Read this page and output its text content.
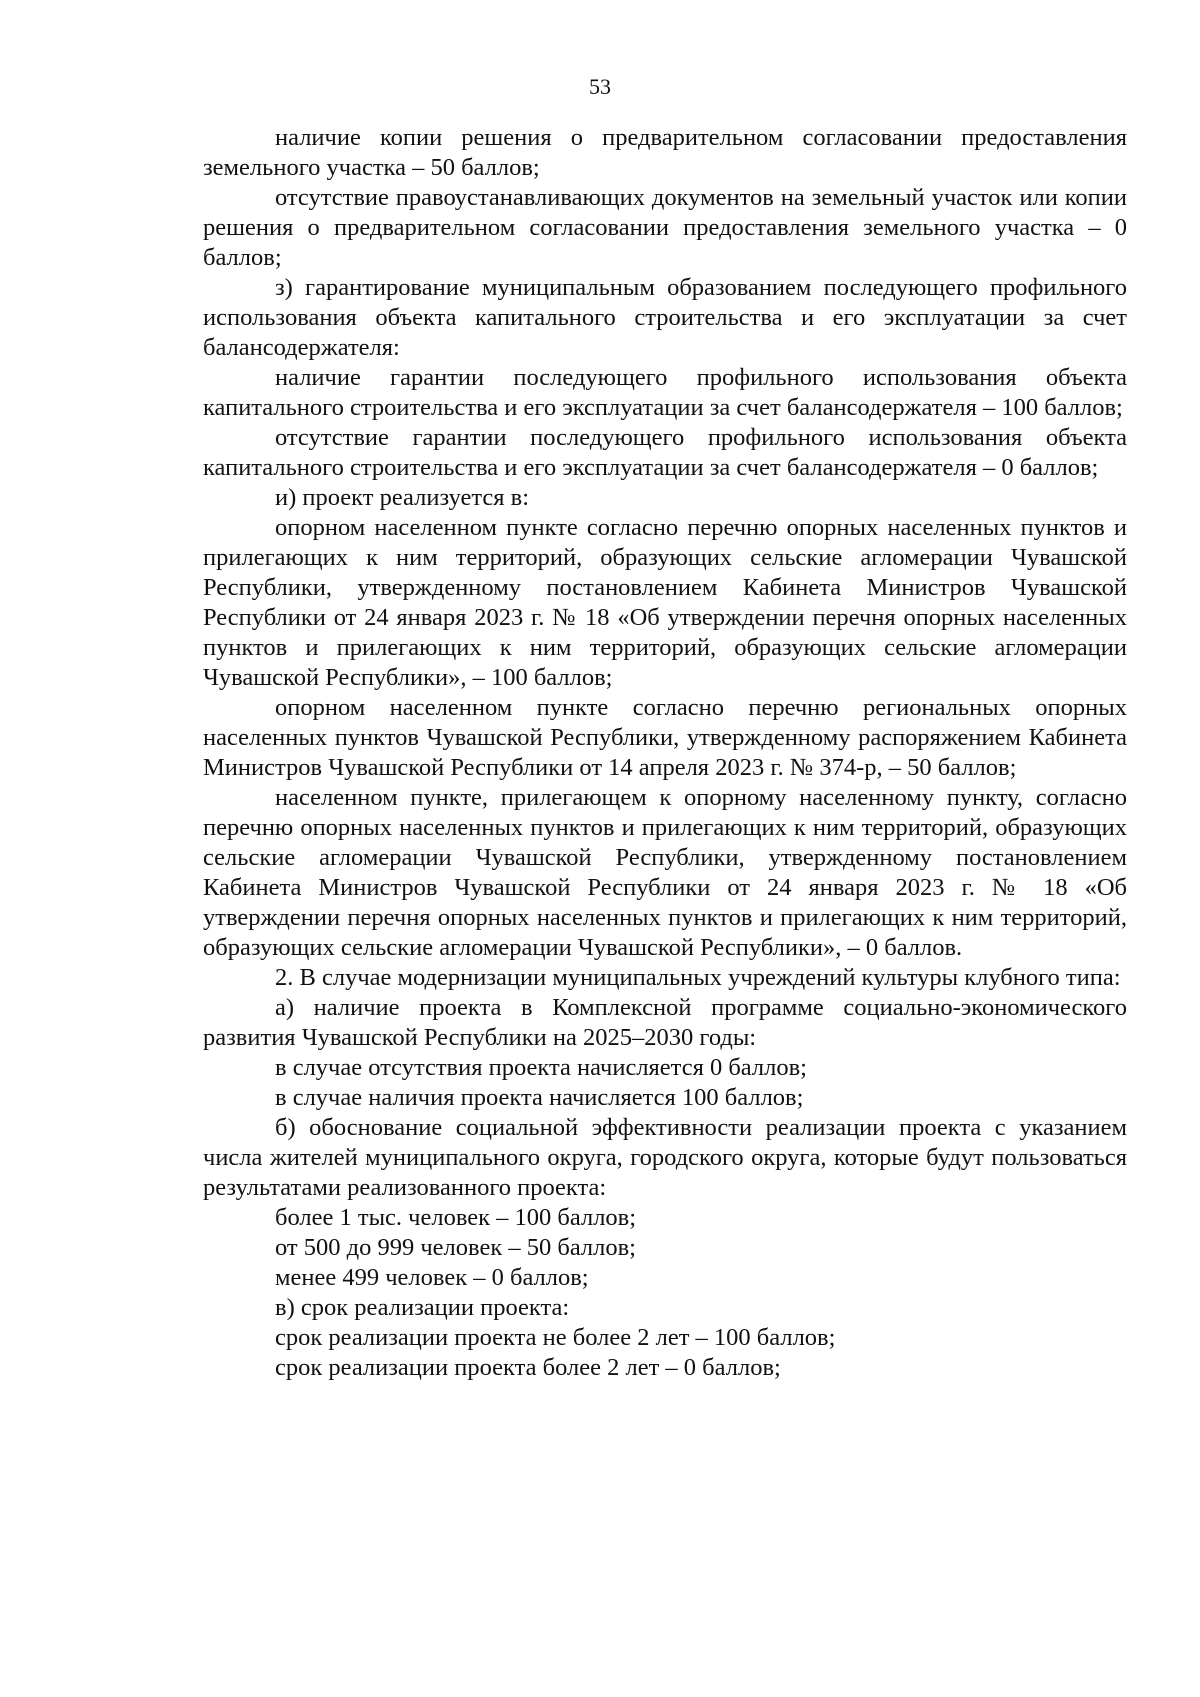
53

наличие копии решения о предварительном согласовании предоставления земельного участка – 50 баллов;

отсутствие правоустанавливающих документов на земельный участок или копии решения о предварительном согласовании предоставления земельного участка – 0 баллов;

з) гарантирование муниципальным образованием последующего профильного использования объекта капитального строительства и его эксплуатации за счет балансодержателя:

наличие гарантии последующего профильного использования объекта капитального строительства и его эксплуатации за счет балансодержателя – 100 баллов;

отсутствие гарантии последующего профильного использования объекта капитального строительства и его эксплуатации за счет балансодержателя – 0 баллов;

и) проект реализуется в:

опорном населенном пункте согласно перечню опорных населенных пунктов и прилегающих к ним территорий, образующих сельские агломерации Чувашской Республики, утвержденному постановлением Кабинета Министров Чувашской Республики от 24 января 2023 г. № 18 «Об утверждении перечня опорных населенных пунктов и прилегающих к ним территорий, образующих сельские агломерации Чувашской Республики», – 100 баллов;

опорном населенном пункте согласно перечню региональных опорных населенных пунктов Чувашской Республики, утвержденному распоряжением Кабинета Министров Чувашской Республики от 14 апреля 2023 г. № 374-р, – 50 баллов;

населенном пункте, прилегающем к опорному населенному пункту, согласно перечню опорных населенных пунктов и прилегающих к ним территорий, образующих сельские агломерации Чувашской Республики, утвержденному постановлением Кабинета Министров Чувашской Республики от 24 января 2023 г. № 18 «Об утверждении перечня опорных населенных пунктов и прилегающих к ним территорий, образующих сельские агломерации Чувашской Республики», – 0 баллов.

2. В случае модернизации муниципальных учреждений культуры клубного типа:

а) наличие проекта в Комплексной программе социально-экономического развития Чувашской Республики на 2025–2030 годы:

в случае отсутствия проекта начисляется 0 баллов;

в случае наличия проекта начисляется 100 баллов;

б) обоснование социальной эффективности реализации проекта с указанием числа жителей муниципального округа, городского округа, которые будут пользоваться результатами реализованного проекта:

более 1 тыс. человек – 100 баллов;

от 500 до 999 человек – 50 баллов;

менее 499 человек – 0 баллов;

в) срок реализации проекта:

срок реализации проекта не более 2 лет – 100 баллов;

срок реализации проекта более 2 лет – 0 баллов;
